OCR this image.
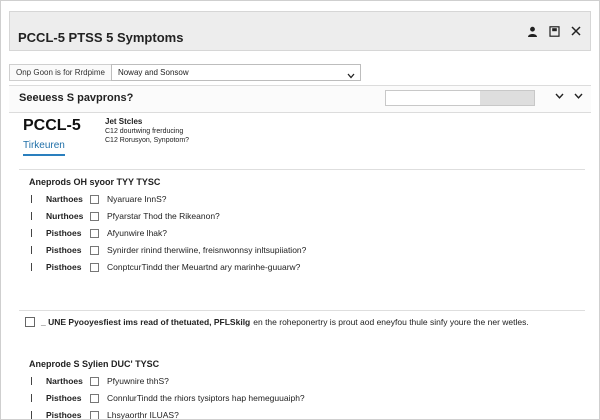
PCCL-5 PTSS 5 Symptoms
Onp Goon is for Rrdpime	Noway and Sonsow
Seeuess S pavprons?
PCCL-5
Tirkeuren
Jet Stcles
C12 dourtwing frerducing
C12 Rorusyon, Synpotom?
Aneprods OH syoor TYY TYSC
Narthoes	Nyaruare InnS?
Nurthoes	Pfyarstar Thod the Rikeanon?
Pisthoes	Afyunwire lhak?
Pisthoes	Synirder rinind therwiine, freisnwonnsy inltsupiiation?
Pisthoes	ConptcurTindd ther Meuartnd ary marinhe-guuarw?
_ UNE Pyooyesfiest ims read of thetuated, PFLSkilg en the roheponertry is prout aod eneyfou thule sinfy youre the ner wetles.
Aneprode S Sylien DUC' TYSC
Narthoes	Pfyuwnire thhS?
Pisthoes	ConnlurTindd the rhiors tysiptors hap hemeguuaiph?
Pisthoes	Lhsyaorthr ILUAS?
